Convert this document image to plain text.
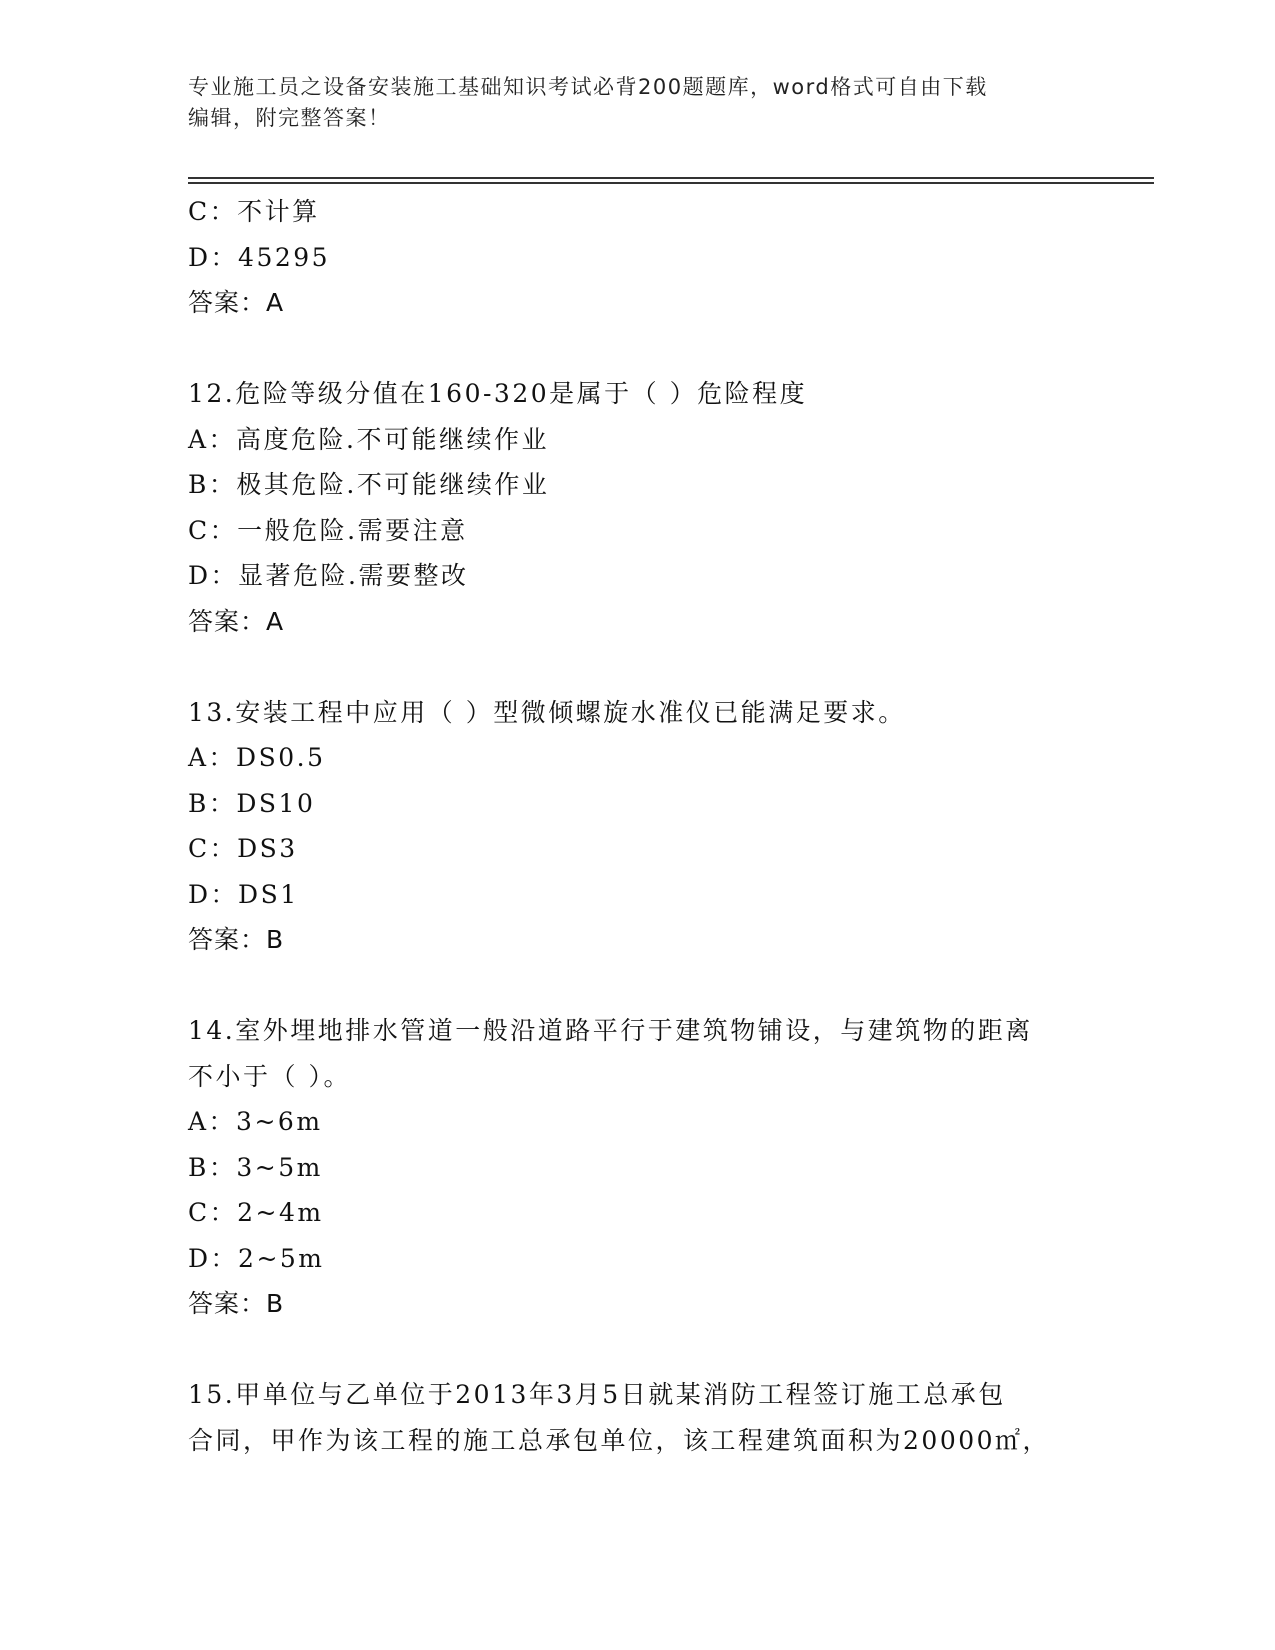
专业施工员之设备安装施工基础知识考试必背200题题库，word格式可自由下载
编辑，附完整答案！
C：不计算
D：45295
答案：A
12.危险等级分值在160-320是属于（ ）危险程度
A：高度危险.不可能继续作业
B：极其危险.不可能继续作业
C：一般危险.需要注意
D：显著危险.需要整改
答案：A
13.安装工程中应用（ ）型微倾螺旋水准仪已能满足要求。
A：DS0.5
B：DS10
C：DS3
D：DS1
答案：B
14.室外埋地排水管道一般沿道路平行于建筑物铺设，与建筑物的距离
不小于（ ）。
A：3~6m
B：3~5m
C：2~4m
D：2~5m
答案：B
15.甲单位与乙单位于2013年3月5日就某消防工程签订施工总承包
合同，甲作为该工程的施工总承包单位，该工程建筑面积为20000㎡，
